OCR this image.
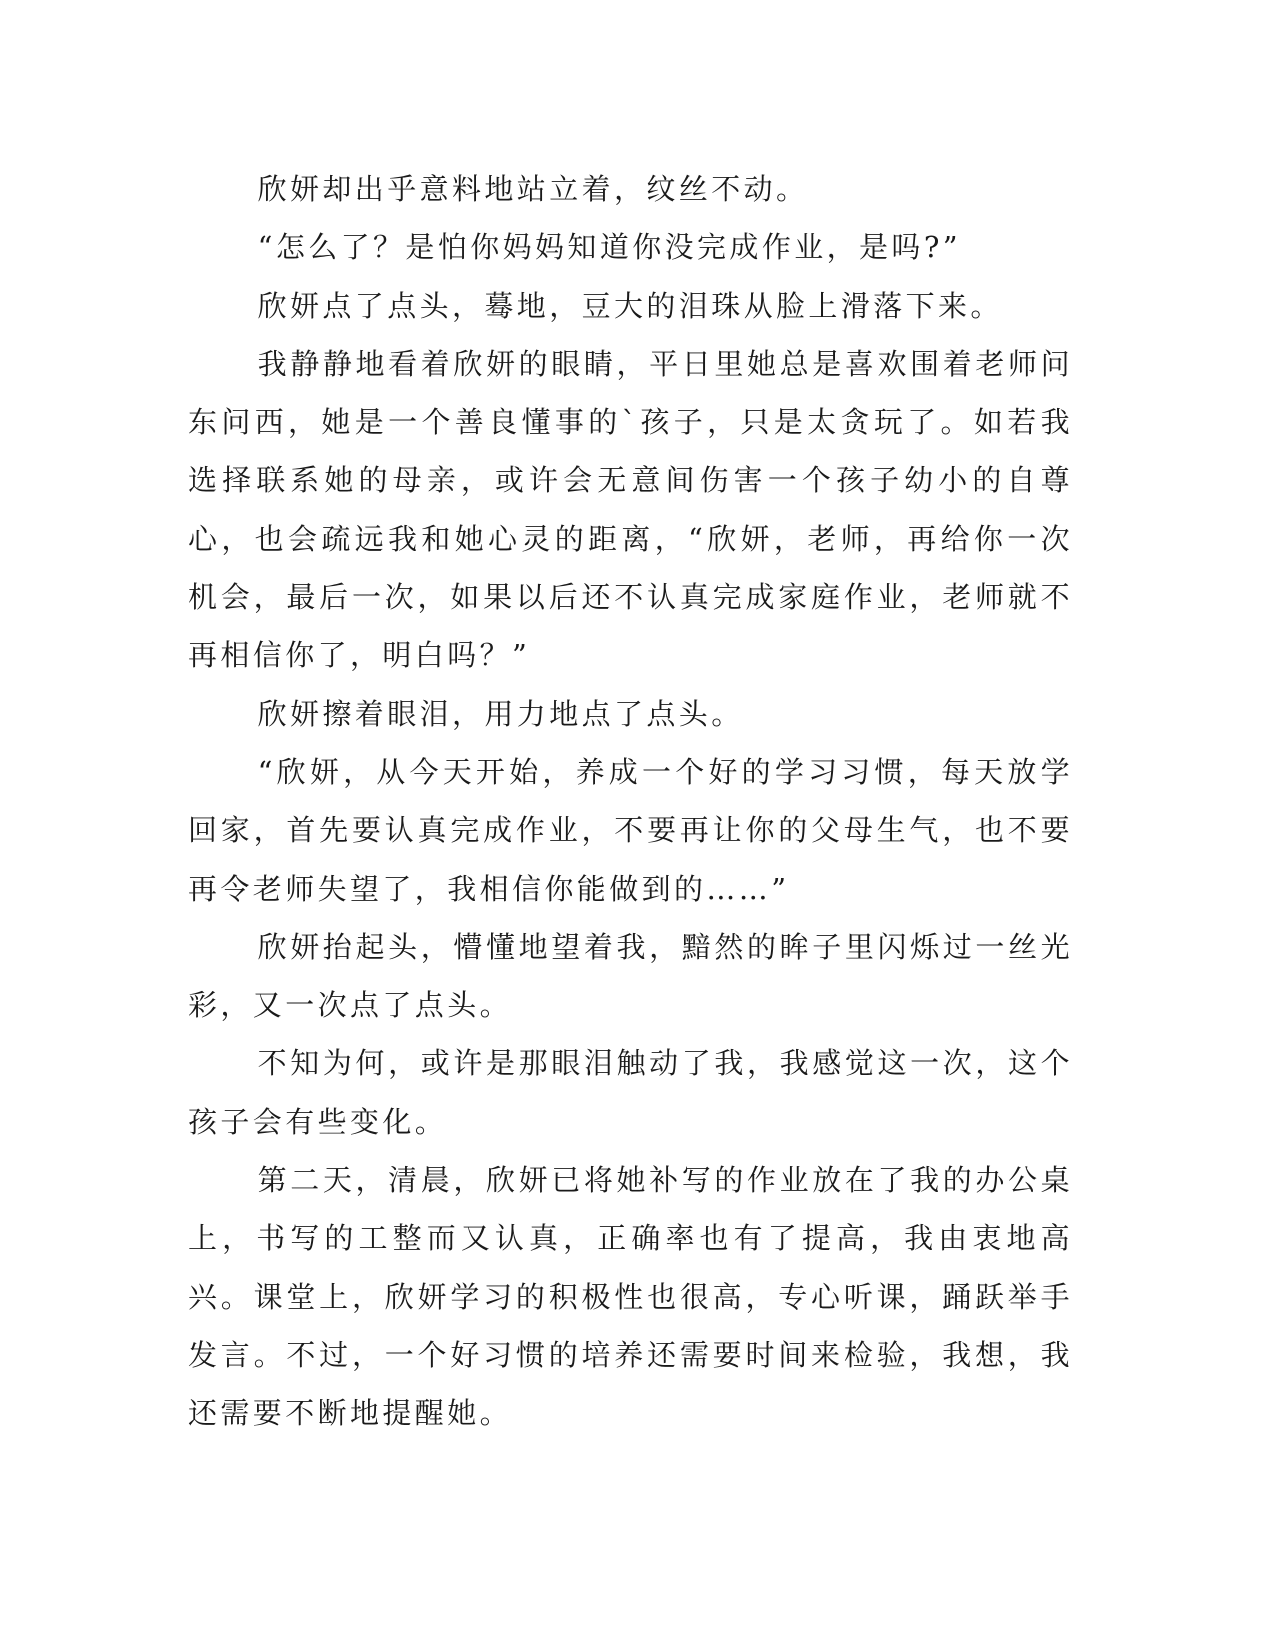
欣妍却出乎意料地站立着，纹丝不动。

“怎么了？是怕你妈妈知道你没完成作业，是吗?”

欣妍点了点头，蓦地，豆大的泪珠从脸上滑落下来。

我静静地看着欣妍的眼睛，平日里她总是喜欢围着老师问东问西，她是一个善良懂事的`孩子，只是太贪玩了。如若我选择联系她的母亲，或许会无意间伤害一个孩子幼小的自尊心，也会疏远我和她心灵的距离，“欣妍，老师，再给你一次机会，最后一次，如果以后还不认真完成家庭作业，老师就不再相信你了，明白吗？”

欣妍擦着眼泪，用力地点了点头。

“欣妍，从今天开始，养成一个好的学习习惯，每天放学回家，首先要认真完成作业，不要再让你的父母生气，也不要再令老师失望了，我相信你能做到的……”

欣妍抬起头，懵懂地望着我，黯然的眸子里闪烁过一丝光彩，又一次点了点头。

不知为何，或许是那眼泪触动了我，我感觉这一次，这个孩子会有些变化。

第二天，清晨，欣妍已将她补写的作业放在了我的办公桌上，书写的工整而又认真，正确率也有了提高，我由衷地高兴。课堂上，欣妍学习的积极性也很高，专心听课，踊跃举手发言。不过，一个好习惯的培养还需要时间来检验，我想，我还需要不断地提醒她。
